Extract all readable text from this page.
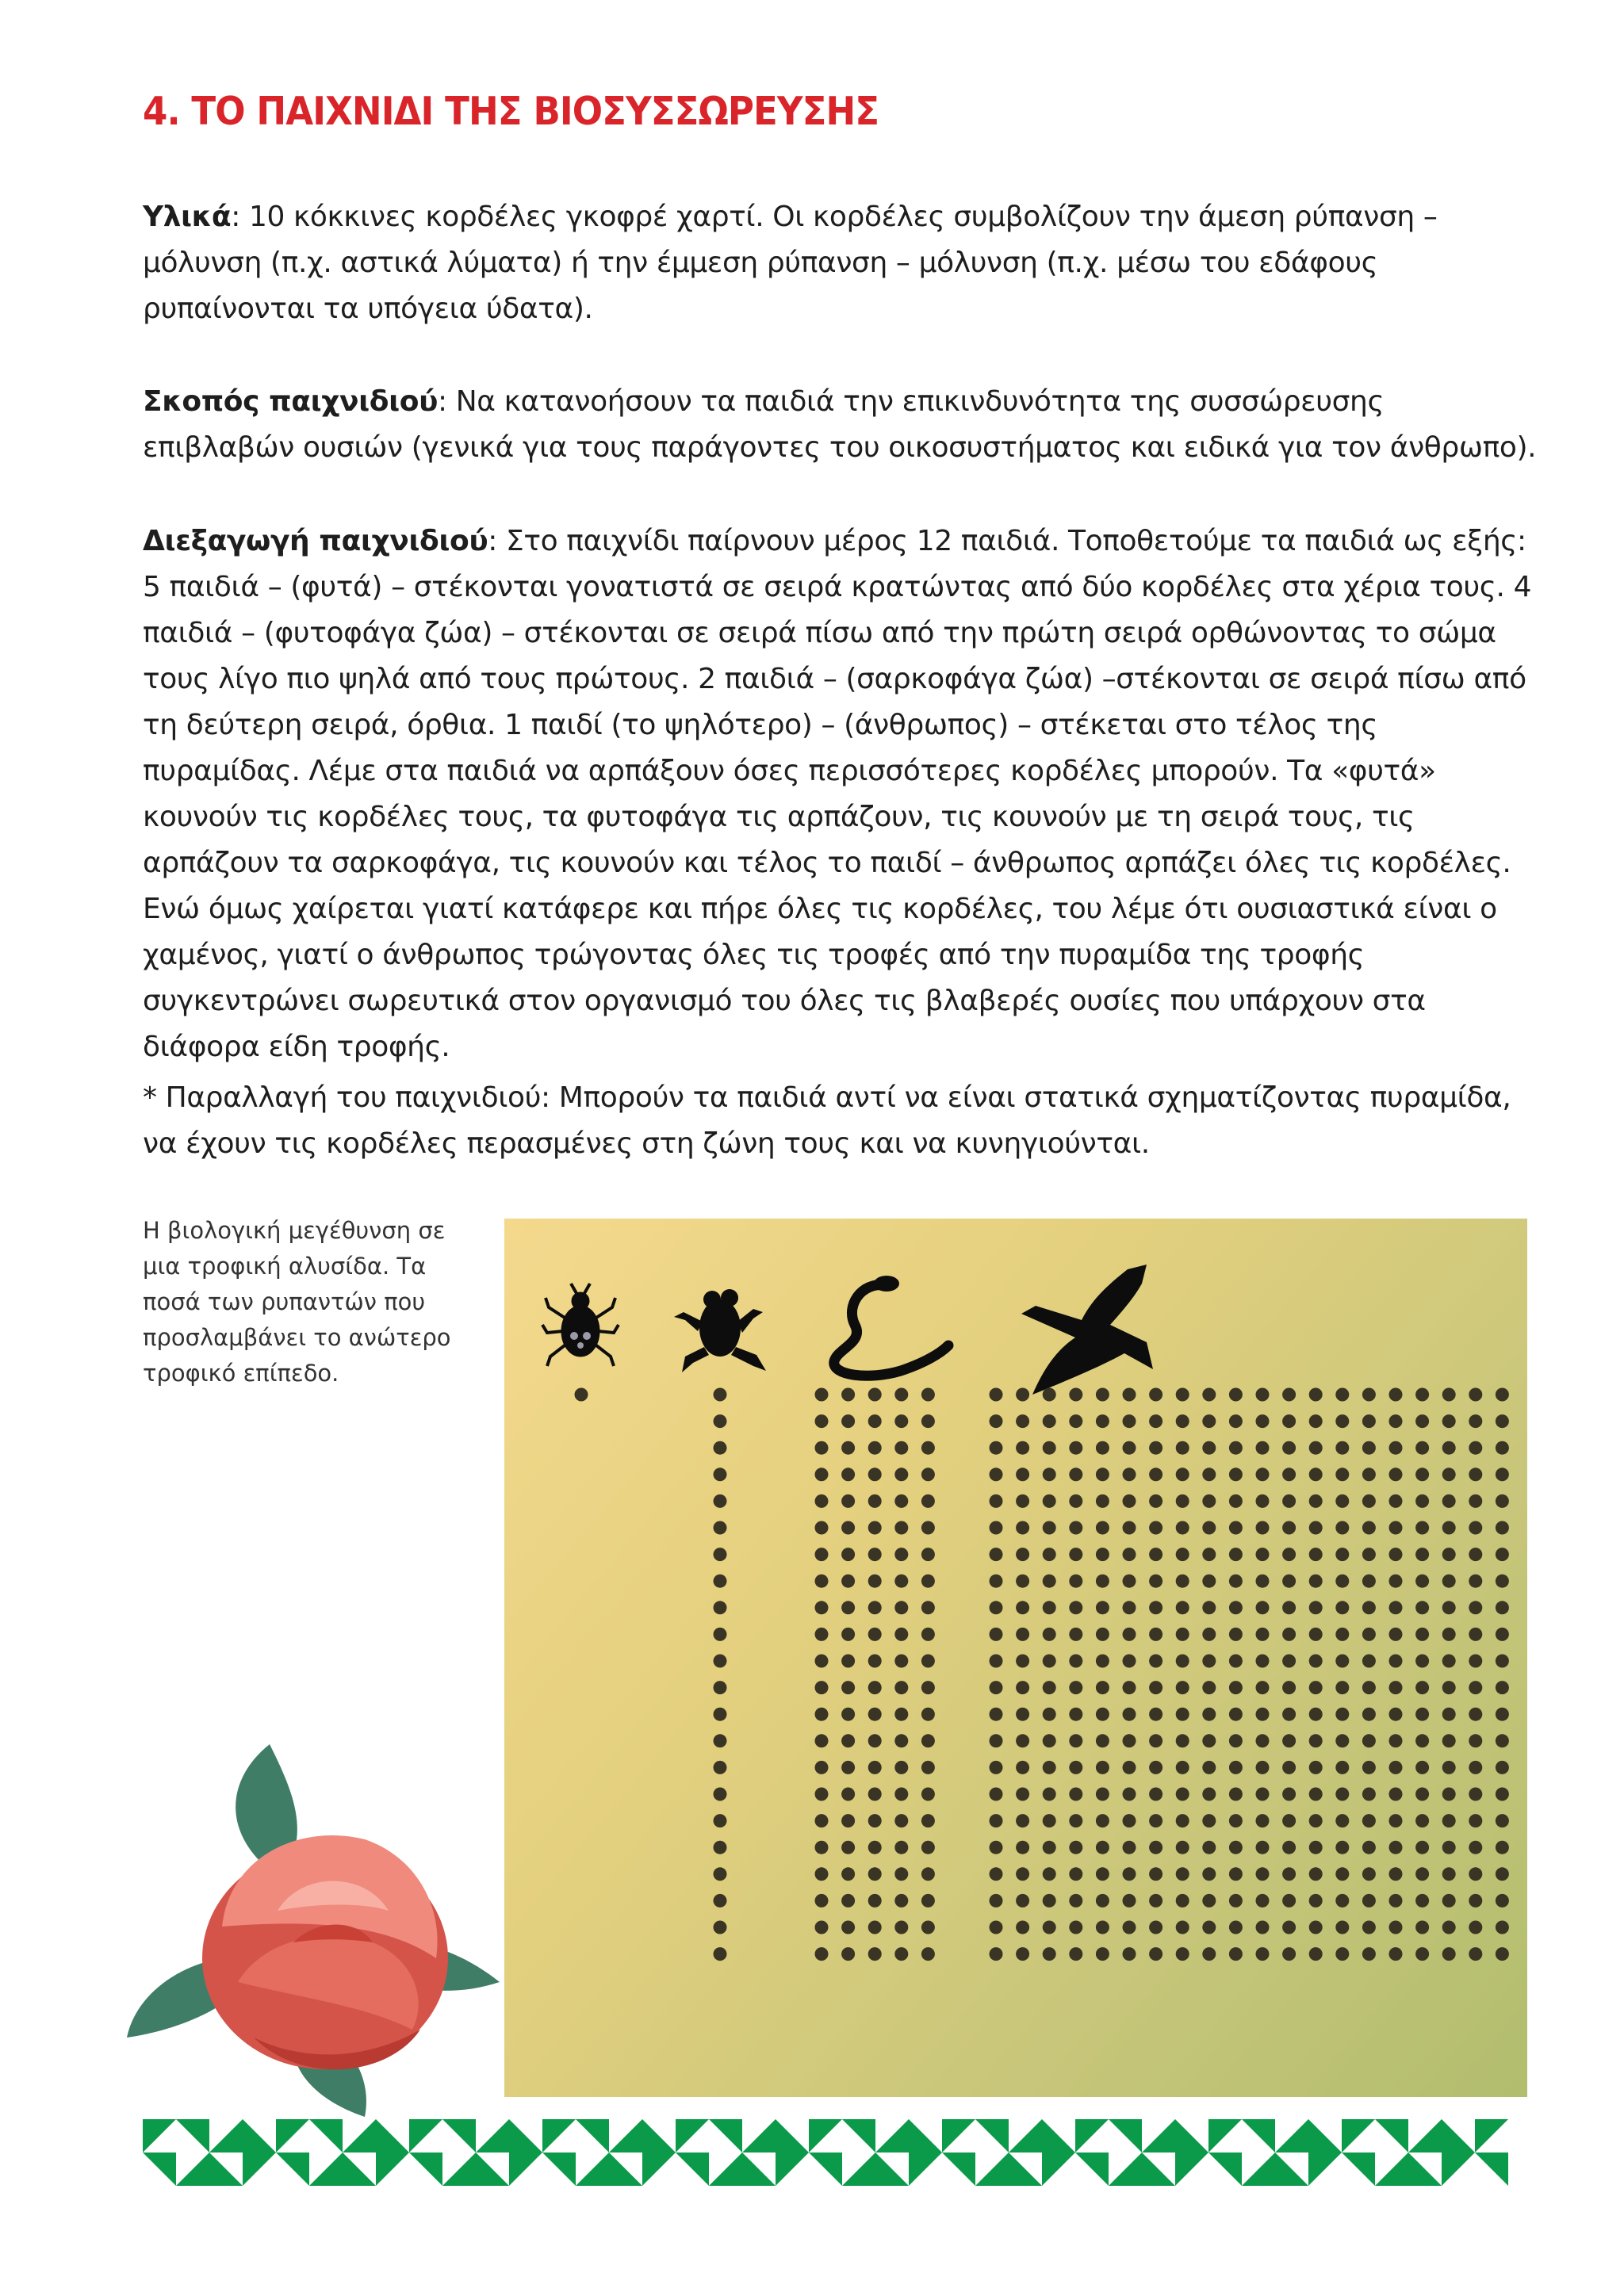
4. ΤΟ ΠΑΙΧΝΙΔΙ ΤΗΣ ΒΙΟΣΥΣΣΩΡΕΥΣΗΣ

Υλικά: 10 κόκκινες κορδέλες γκοφρέ χαρτί. Οι κορδέλες συμβολίζουν την άμεση ρύπανση – μόλυνση (π.χ. αστικά λύματα) ή την έμμεση ρύπανση – μόλυνση (π.χ. μέσω του εδάφους ρυπαίνονται τα υπόγεια ύδατα).

Σκοπός παιχνιδιού: Να κατανοήσουν τα παιδιά την επικινδυνότητα της συσσώρευσης επιβλαβών ουσιών (γενικά για τους παράγοντες του οικοσυστήματος και ειδικά για τον άνθρωπο).

Διεξαγωγή παιχνιδιού: Στο παιχνίδι παίρνουν μέρος 12 παιδιά. Τοποθετούμε τα παιδιά ως εξής: 5 παιδιά – (φυτά) – στέκονται γονατιστά σε σειρά κρατώντας από δύο κορδέλες στα χέρια τους. 4 παιδιά – (φυτοφάγα ζώα) – στέκονται σε σειρά πίσω από την πρώτη σειρά ορθώνοντας το σώμα τους λίγο πιο ψηλά από τους πρώτους. 2 παιδιά – (σαρκοφάγα ζώα) –στέκονται σε σειρά πίσω από τη δεύτερη σειρά, όρθια. 1 παιδί (το ψηλότερο) – (άνθρωπος) – στέκεται στο τέλος της πυραμίδας. Λέμε στα παιδιά να αρπάξουν όσες περισσότερες κορδέλες μπορούν. Τα «φυτά» κουνούν τις κορδέλες τους, τα φυτοφάγα τις αρπάζουν, τις κουνούν με τη σειρά τους, τις αρπάζουν τα σαρκοφάγα, τις κουνούν και τέλος το παιδί – άνθρωπος αρπάζει όλες τις κορδέλες. Ενώ όμως χαίρεται γιατί κατάφερε και πήρε όλες τις κορδέλες, του λέμε ότι ουσιαστικά είναι ο χαμένος, γιατί ο άνθρωπος τρώγοντας όλες τις τροφές από την πυραμίδα της τροφής συγκεντρώνει σωρευτικά στον οργανισμό του όλες τις βλαβερές ουσίες που υπάρχουν στα διάφορα είδη τροφής.

* Παραλλαγή του παιχνιδιού: Μπορούν τα παιδιά αντί να είναι στατικά σχηματίζοντας πυραμίδα, να έχουν τις κορδέλες περασμένες στη ζώνη τους και να κυνηγιούνται.

Η βιολογική μεγέθυνση σε μια τροφική αλυσίδα. Τα ποσά των ρυπαντών που προσλαμβάνει το ανώτερο τροφικό επίπεδο.
